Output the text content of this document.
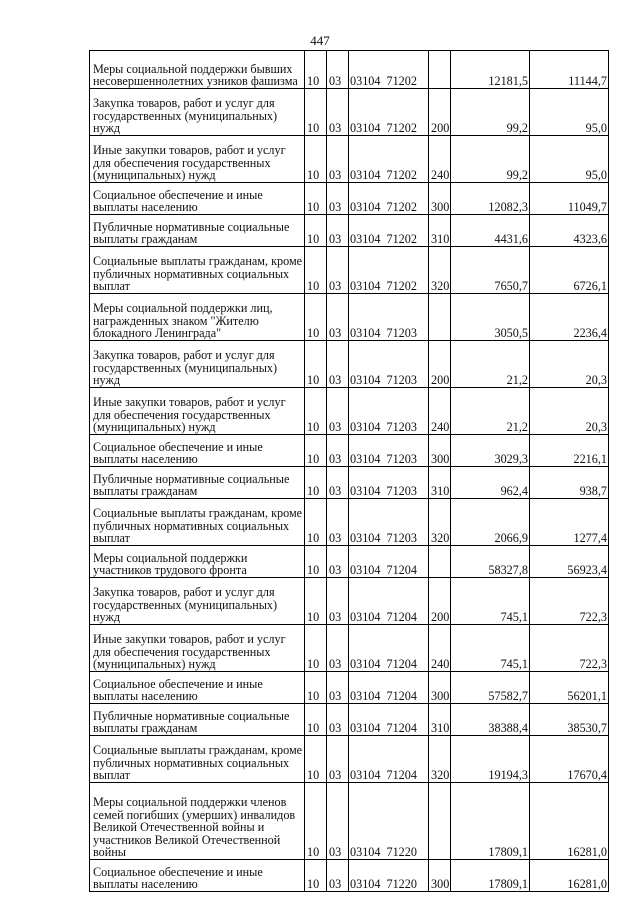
447
Меры социальной поддержки бывших несовершеннолетних узников фашизма	10	03	03104 71202		12181,5	11144,7
Закупка товаров, работ и услуг для государственных (муниципальных) нужд	10	03	03104 71202	200	99,2	95,0
Иные закупки товаров, работ и услуг для обеспечения государственных (муниципальных) нужд	10	03	03104 71202	240	99,2	95,0
Социальное обеспечение и иные выплаты населению	10	03	03104 71202	300	12082,3	11049,7
Публичные нормативные социальные выплаты гражданам	10	03	03104 71202	310	4431,6	4323,6
Социальные выплаты гражданам, кроме публичных нормативных социальных выплат	10	03	03104 71202	320	7650,7	6726,1
Меры социальной поддержки лиц, награжденных знаком "Жителю блокадного Ленинграда"	10	03	03104 71203		3050,5	2236,4
Закупка товаров, работ и услуг для государственных (муниципальных) нужд	10	03	03104 71203	200	21,2	20,3
Иные закупки товаров, работ и услуг для обеспечения государственных (муниципальных) нужд	10	03	03104 71203	240	21,2	20,3
Социальное обеспечение и иные выплаты населению	10	03	03104 71203	300	3029,3	2216,1
Публичные нормативные социальные выплаты гражданам	10	03	03104 71203	310	962,4	938,7
Социальные выплаты гражданам, кроме публичных нормативных социальных выплат	10	03	03104 71203	320	2066,9	1277,4
Меры социальной поддержки участников трудового фронта	10	03	03104 71204		58327,8	56923,4
Закупка товаров, работ и услуг для государственных (муниципальных) нужд	10	03	03104 71204	200	745,1	722,3
Иные закупки товаров, работ и услуг для обеспечения государственных (муниципальных) нужд	10	03	03104 71204	240	745,1	722,3
Социальное обеспечение и иные выплаты населению	10	03	03104 71204	300	57582,7	56201,1
Публичные нормативные социальные выплаты гражданам	10	03	03104 71204	310	38388,4	38530,7
Социальные выплаты гражданам, кроме публичных нормативных социальных выплат	10	03	03104 71204	320	19194,3	17670,4
Меры социальной поддержки членов семей погибших (умерших) инвалидов Великой Отечественной войны и участников Великой Отечественной войны	10	03	03104 71220		17809,1	16281,0
Социальное обеспечение и иные выплаты населению	10	03	03104 71220	300	17809,1	16281,0
